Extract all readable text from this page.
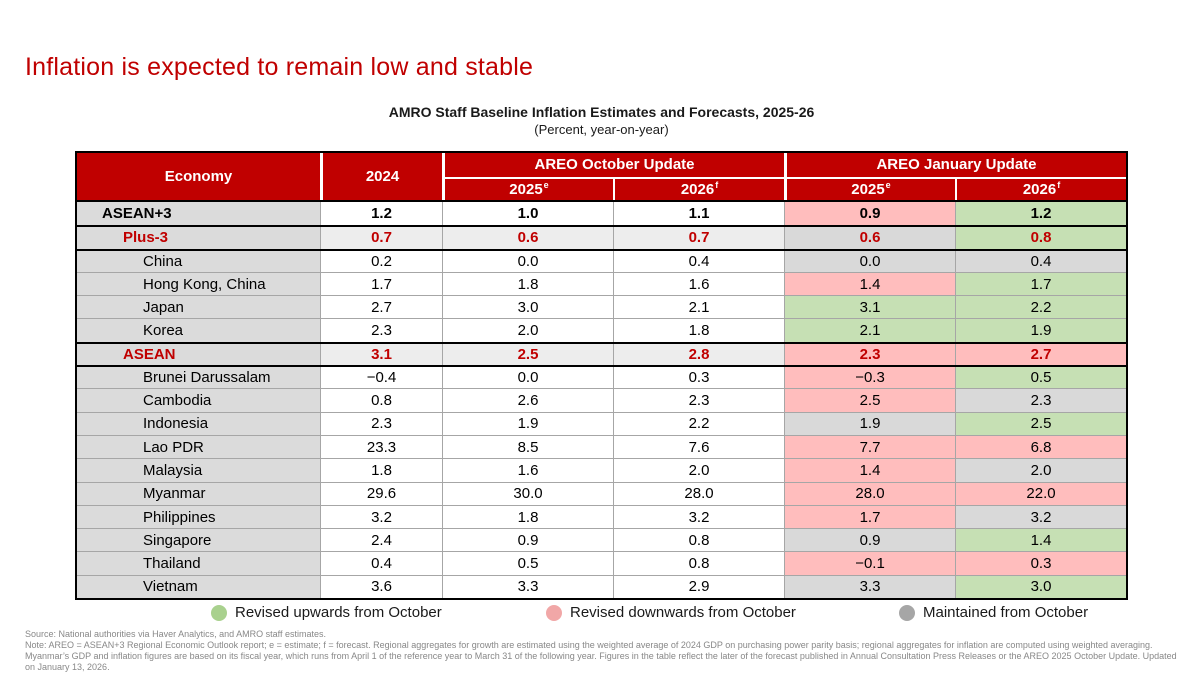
Inflation is expected to remain low and stable
AMRO Staff Baseline Inflation Estimates and Forecasts, 2025-26
(Percent, year-on-year)
Economy	2024
AREO October Update	AREO January Update
2025e	2026$^f$	2025e	2026$^f$
ASEAN+3	1.2	1.0	1.1	0.9	1.2
Plus-3	0.7	0.6	0.7	0.6	0.8
China	0.2	0.0	0.4	0.0	0.4
Hong Kong, China	1.7	1.8	1.6	1.4	1.7
Japan	2.7	3.0	2.1	3.1	2.2
Korea	2.3	2.0	1.8	2.1	1.9
ASEAN	3.1	2.5	2.8	2.3	2.7
Brunei Darussalam	−0.4	0.0	0.3	−0.3	0.5
Cambodia	0.8	2.6	2.3	2.5	2.3
Indonesia	2.3	1.9	2.2	1.9	2.5
Lao PDR	23.3	8.5	7.6	7.7	6.8
Malaysia	1.8	1.6	2.0	1.4	2.0
Myanmar	29.6	30.0	28.0	28.0	22.0
Philippines	3.2	1.8	3.2	1.7	3.2
Singapore	2.4	0.9	0.8	0.9	1.4
Thailand	0.4	0.5	0.8	−0.1	0.3
Vietnam	3.6	3.3	2.9	3.3	3.0
Revised upwards from October	Revised downwards from October	Maintained from October
Source: National authorities via Haver Analytics, and AMRO staff estimates.
Note: AREO = ASEAN+3 Regional Economic Outlook report; e = estimate; f = forecast. Regional aggregates for growth are estimated using the weighted average of 2024 GDP on purchasing power parity basis; regional aggregates for inflation are computed using weighted averaging. Myanmar’s GDP and inflation figures are based on its fiscal year, which runs from April 1 of the reference year to March 31 of the following year. Figures in the table reflect the later of the forecast published in Annual Consultation Press Releases or the AREO 2025 October Update. Updated on January 13, 2026.
